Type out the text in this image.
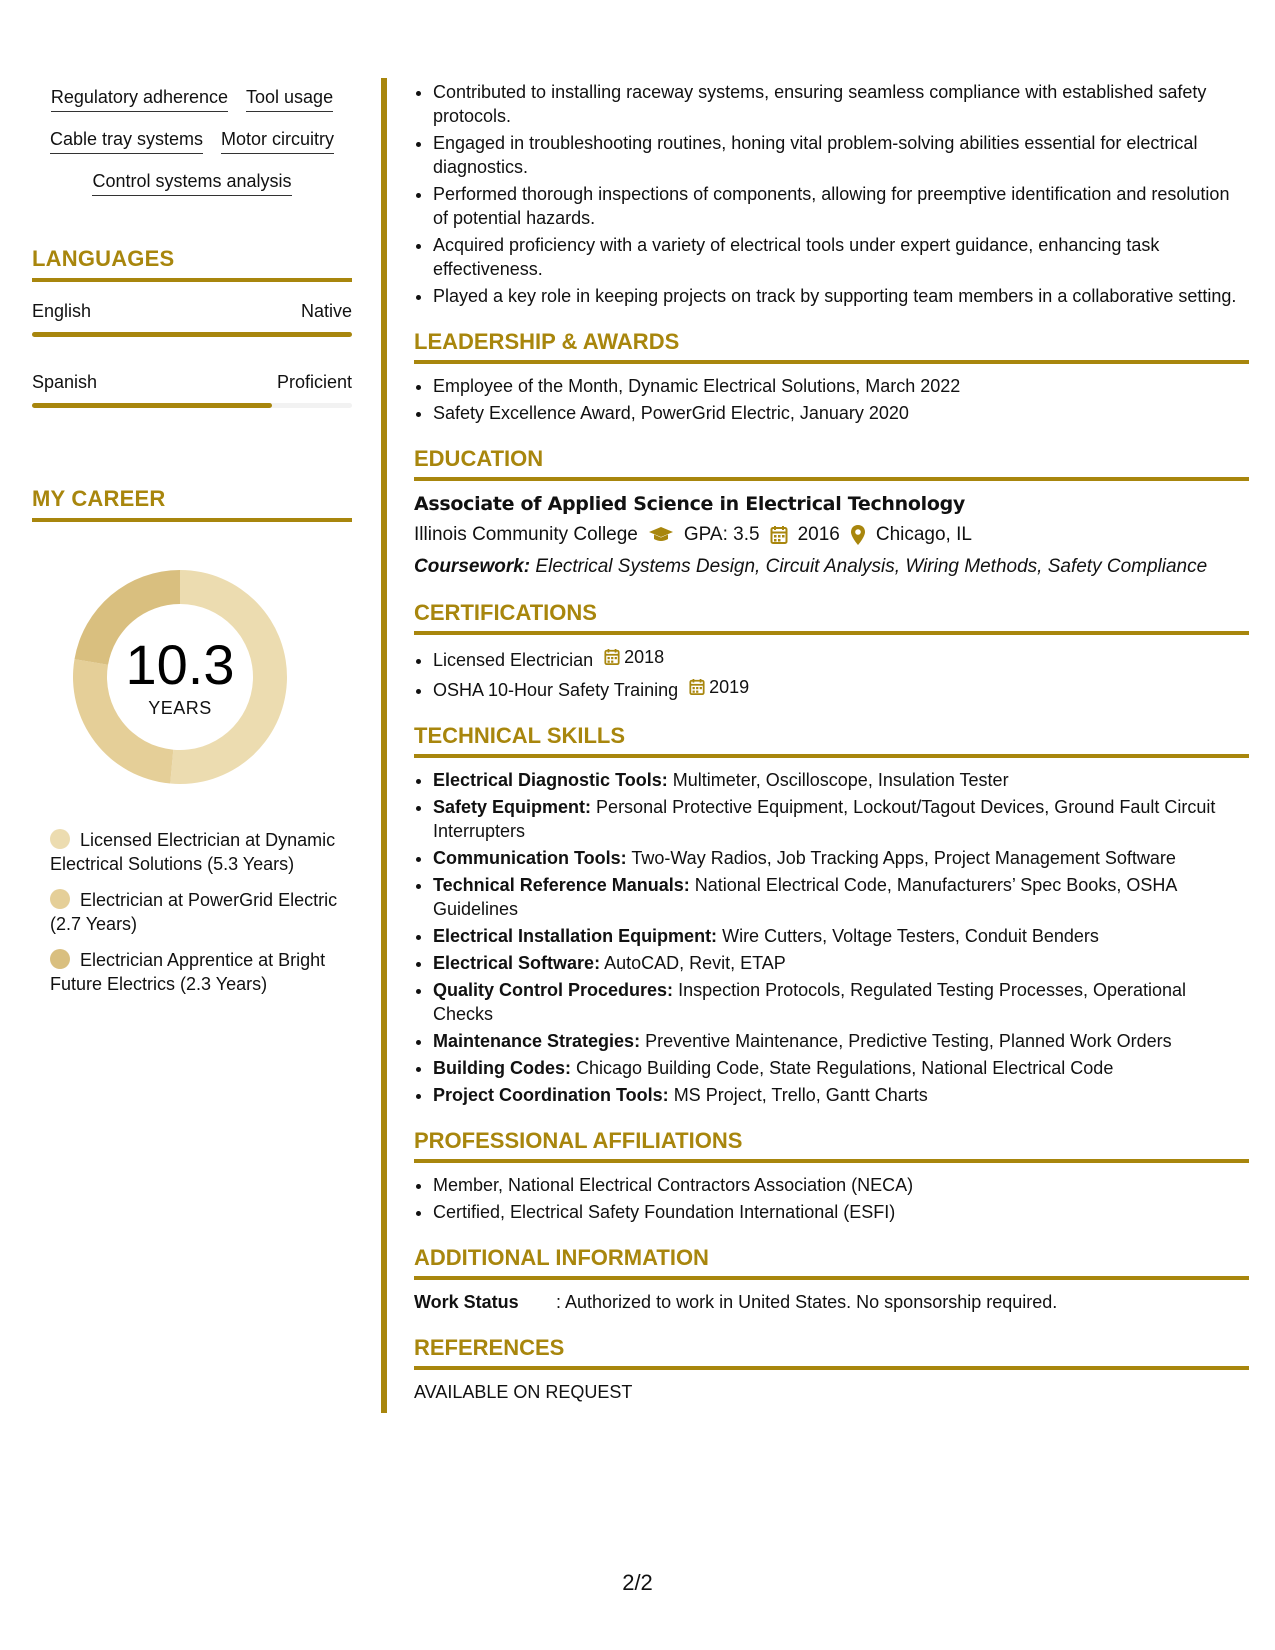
Regulatory adherence Tool usage
Cable tray systems Motor circuitry
Control systems analysis
LANGUAGES
English	Native
Spanish	Proficient
MY CAREER
10.3
YEARS
Licensed Electrician at Dynamic Electrical Solutions (5.3 Years)
Electrician at PowerGrid Electric (2.7 Years)
Electrician Apprentice at Bright Future Electrics (2.3 Years)
• Contributed to installing raceway systems, ensuring seamless compliance with established safety protocols.
• Engaged in troubleshooting routines, honing vital problem-solving abilities essential for electrical diagnostics.
• Performed thorough inspections of components, allowing for preemptive identification and resolution of potential hazards.
• Acquired proficiency with a variety of electrical tools under expert guidance, enhancing task effectiveness.
• Played a key role in keeping projects on track by supporting team members in a collaborative setting.
LEADERSHIP & AWARDS
• Employee of the Month, Dynamic Electrical Solutions, March 2022
• Safety Excellence Award, PowerGrid Electric, January 2020
EDUCATION
Associate of Applied Science in Electrical Technology
Illinois Community College GPA: 3.5 2016 Chicago, IL
Coursework: Electrical Systems Design, Circuit Analysis, Wiring Methods, Safety Compliance
CERTIFICATIONS
• Licensed Electrician 2018
• OSHA 10-Hour Safety Training 2019
TECHNICAL SKILLS
• Electrical Diagnostic Tools: Multimeter, Oscilloscope, Insulation Tester
• Safety Equipment: Personal Protective Equipment, Lockout/Tagout Devices, Ground Fault Circuit Interrupters
• Communication Tools: Two-Way Radios, Job Tracking Apps, Project Management Software
• Technical Reference Manuals: National Electrical Code, Manufacturers’ Spec Books, OSHA Guidelines
• Electrical Installation Equipment: Wire Cutters, Voltage Testers, Conduit Benders
• Electrical Software: AutoCAD, Revit, ETAP
• Quality Control Procedures: Inspection Protocols, Regulated Testing Processes, Operational Checks
• Maintenance Strategies: Preventive Maintenance, Predictive Testing, Planned Work Orders
• Building Codes: Chicago Building Code, State Regulations, National Electrical Code
• Project Coordination Tools: MS Project, Trello, Gantt Charts
PROFESSIONAL AFFILIATIONS
• Member, National Electrical Contractors Association (NECA)
• Certified, Electrical Safety Foundation International (ESFI)
ADDITIONAL INFORMATION
Work Status	: Authorized to work in United States. No sponsorship required.
REFERENCES
AVAILABLE ON REQUEST
2/2
